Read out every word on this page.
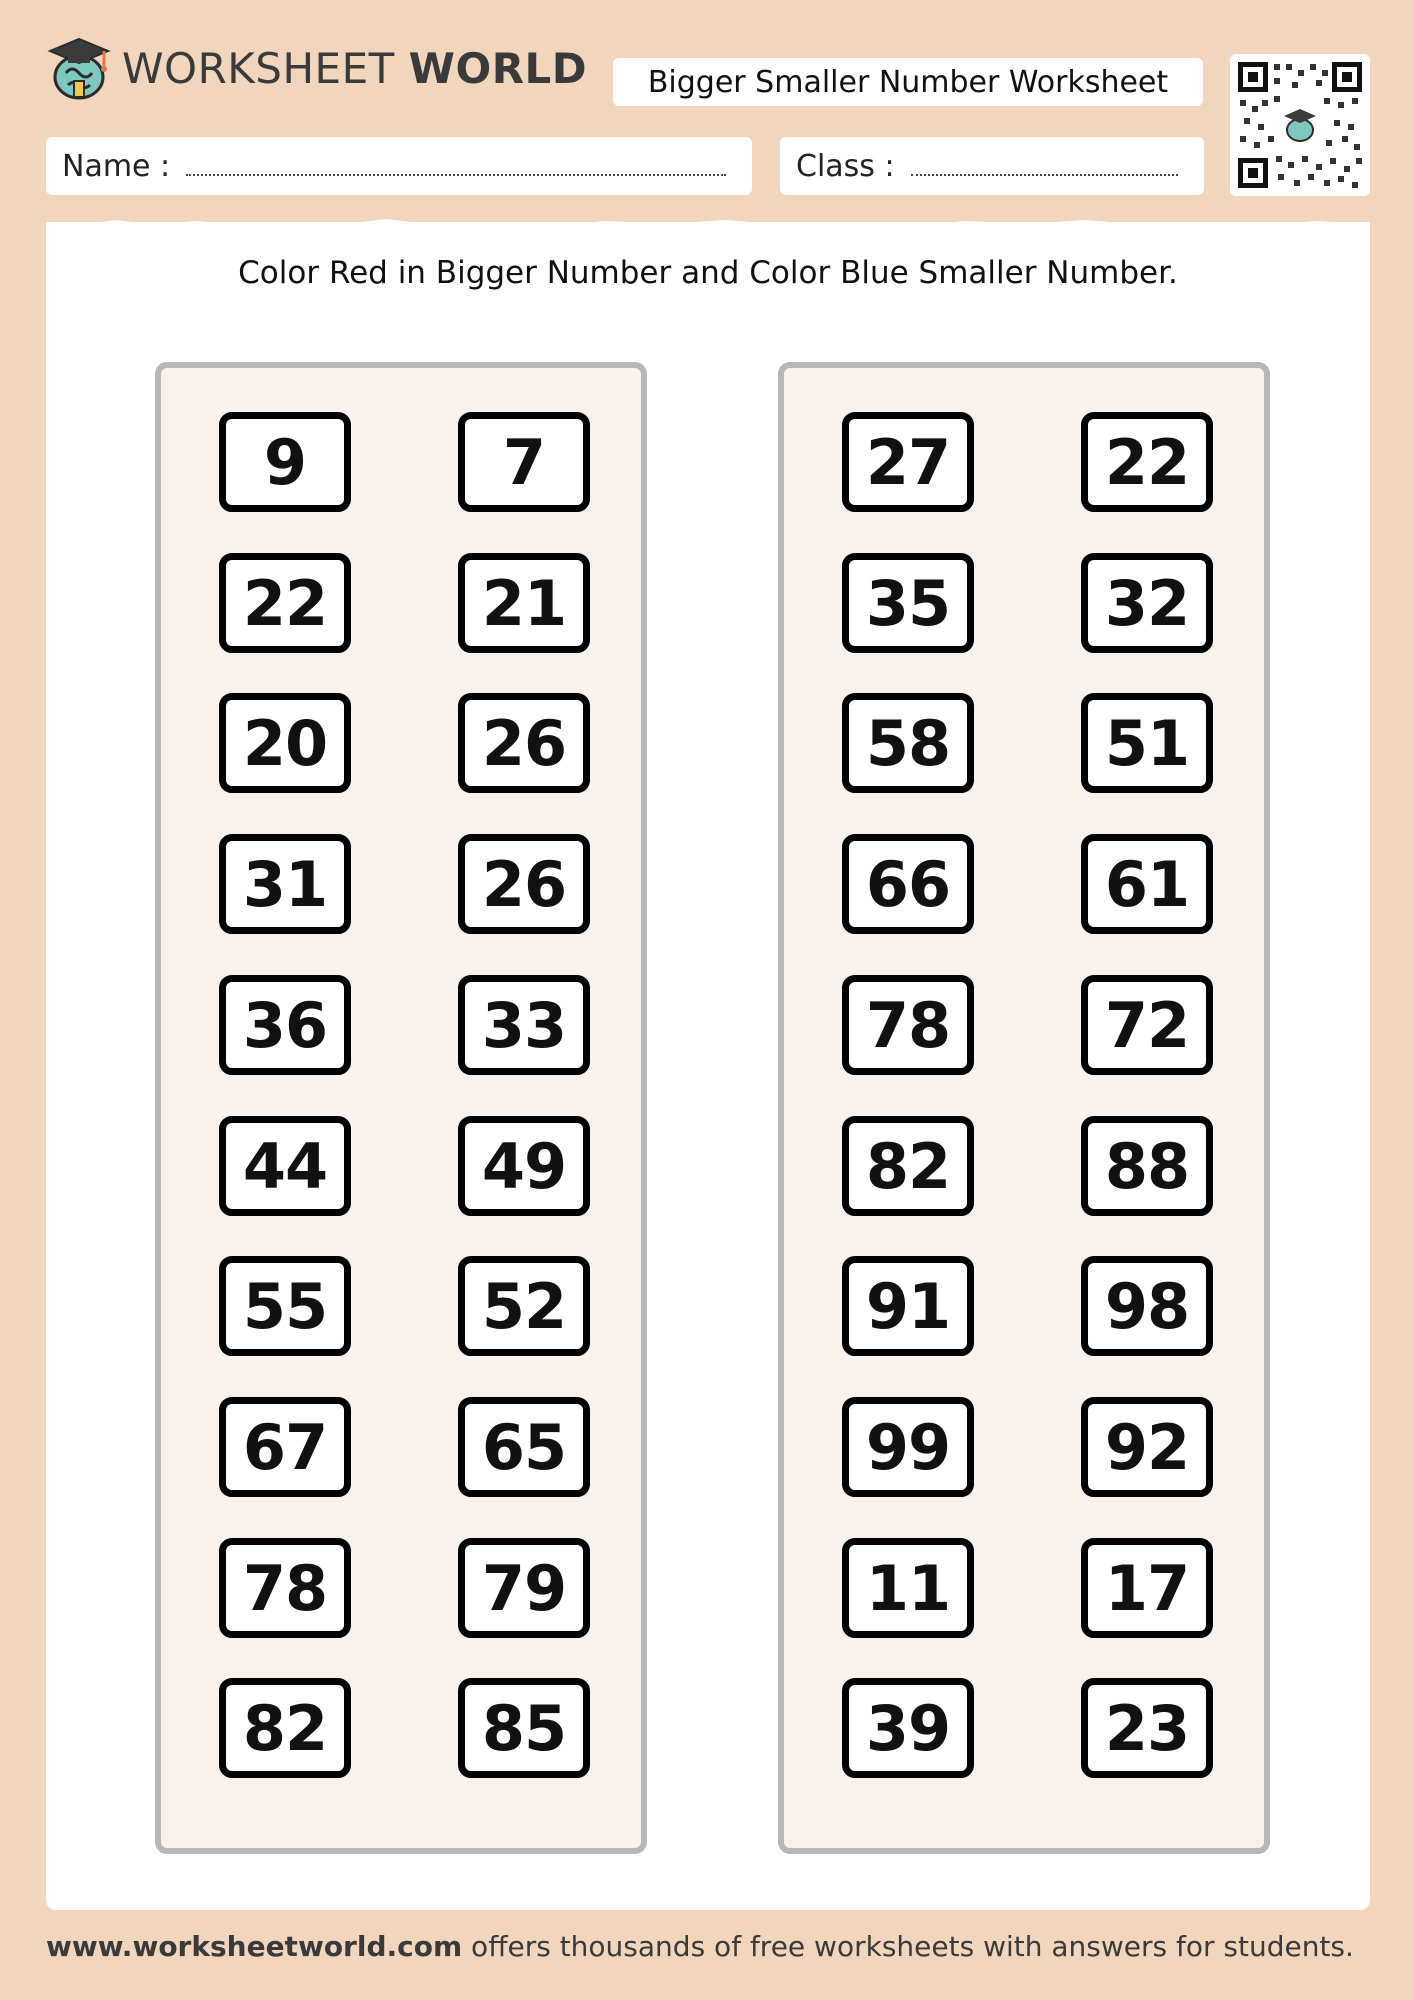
WORKSHEET WORLD	Bigger Smaller Number Worksheet
Name :	Class :
Color Red in Bigger Number and Color Blue Smaller Number.
9	7
22	21
20	26
31	26
36	33
44	49
55	52
67	65
78	79
82	85
27	22
35	32
58	51
66	61
78	72
82	88
91	98
99	92
11	17
39	23
www.worksheetworld.com offers thousands of free worksheets with answers for students.
